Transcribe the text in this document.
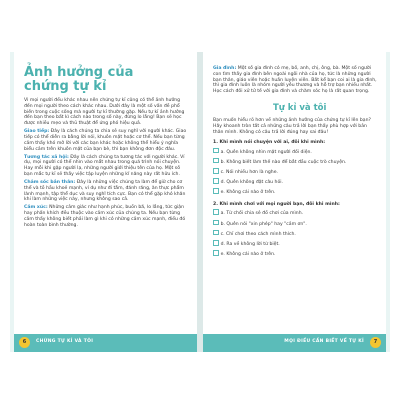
Ảnh hưởng của chứng tự kỉ

Vì mọi người đều khác nhau nên chứng tự kỉ cũng có thể ảnh hưởng đến mọi người theo cách khác nhau. Dưới đây là một số vấn đề phổ biến trong cuộc sống mà người tự kỉ thường gặp. Nếu tự kỉ ảnh hưởng đến bạn theo bất kì cách nào trong số này, đừng lo lắng! Bạn sẽ học được nhiều mẹo và thủ thuật để ứng phó hiệu quả.

Giao tiếp: Đây là cách chúng ta chia sẻ suy nghĩ với người khác. Giao tiếp có thể diễn ra bằng lời nói, khuôn mặt hoặc cơ thể. Nếu bạn từng cảm thấy khó mở lời với các bạn khác hoặc không thể hiểu ý nghĩa biểu cảm trên khuôn mặt của bạn bè, thì bạn không đơn độc đâu.

Tương tác xã hội: Đây là cách chúng ta tương tác với người khác. Ví dụ, mọi người có thể nhìn vào mắt nhau trong quá trình nói chuyện. Hay mỗi khi gặp người lạ, những người giới thiệu tên của họ. Một số bạn mắc tự kỉ sẽ thấy việc tập luyện những kĩ năng này rất hữu ích.

Chăm sóc bản thân: Đây là những việc chúng ta làm để giữ cho cơ thể và tồ hầu khoẻ mạnh, ví dụ như đi tắm, đánh răng, ăn thực phẩm lành mạnh, tập thể dục và suy nghĩ tích cực. Bạn có thể gặp khó khăn khi làm những việc này, nhưng không sao cả.

Cảm xúc: Những cảm giác như hạnh phúc, buồn bã, lo lắng, tức giận hay phấn khích đều thuộc vào cảm xúc của chúng ta. Nếu bạn từng cảm thấy không biết phải làm gì khi có những cảm xúc mạnh, điều đó hoàn toàn bình thường.

6	CHỨNG TỰ KỈ VÀ TÔI

Gia đình: Một số gia đình có mẹ, bố, anh, chị, ông, bà. Một số người con tìm thấy gia đình bên ngoài ngôi nhà của họ, tức là những người bạn thân, giáo viên hoặc huấn luyện viên. Bất kể bạn coi ai là gia đình, thì gia đình luôn là nhóm người yêu thương và hỗ trợ bạn nhiều nhất. Học cách đối xử tử tế với gia đình và chăm sóc họ là rất quan trọng.

Tự kỉ và tôi

Bạn muốn hiểu rõ hơn về những ảnh hưởng của chứng tự kỉ lên bạn? Hãy khoanh tròn tất cả những câu trả lời bạn thấy phù hợp với bản thân mình. Không có câu trả lời đúng hay sai đâu!

1. Khi mình nói chuyện với ai, đôi khi mình:

a. Quên không nhìn mặt người đối diện.

b. Không biết làm thế nào để bắt đầu cuộc trò chuyện.

c. Nói nhiều hơn là nghe.

d. Quên không đặt câu hỏi.

e. Không cái nào ở trên.

2. Khi mình chơi với mọi người bạn, đôi khi mình:

a. Từ chối chia sẻ đồ chơi của mình.

b. Quên nói "xin phép" hay "cảm ơn".

c. Chỉ chơi theo cách mình thích.

d. Ra về không lời từ biệt.

e. Không cái nào ở trên.

MỌI ĐIỀU CẦN BIẾT VỀ TỰ KỈ	7
